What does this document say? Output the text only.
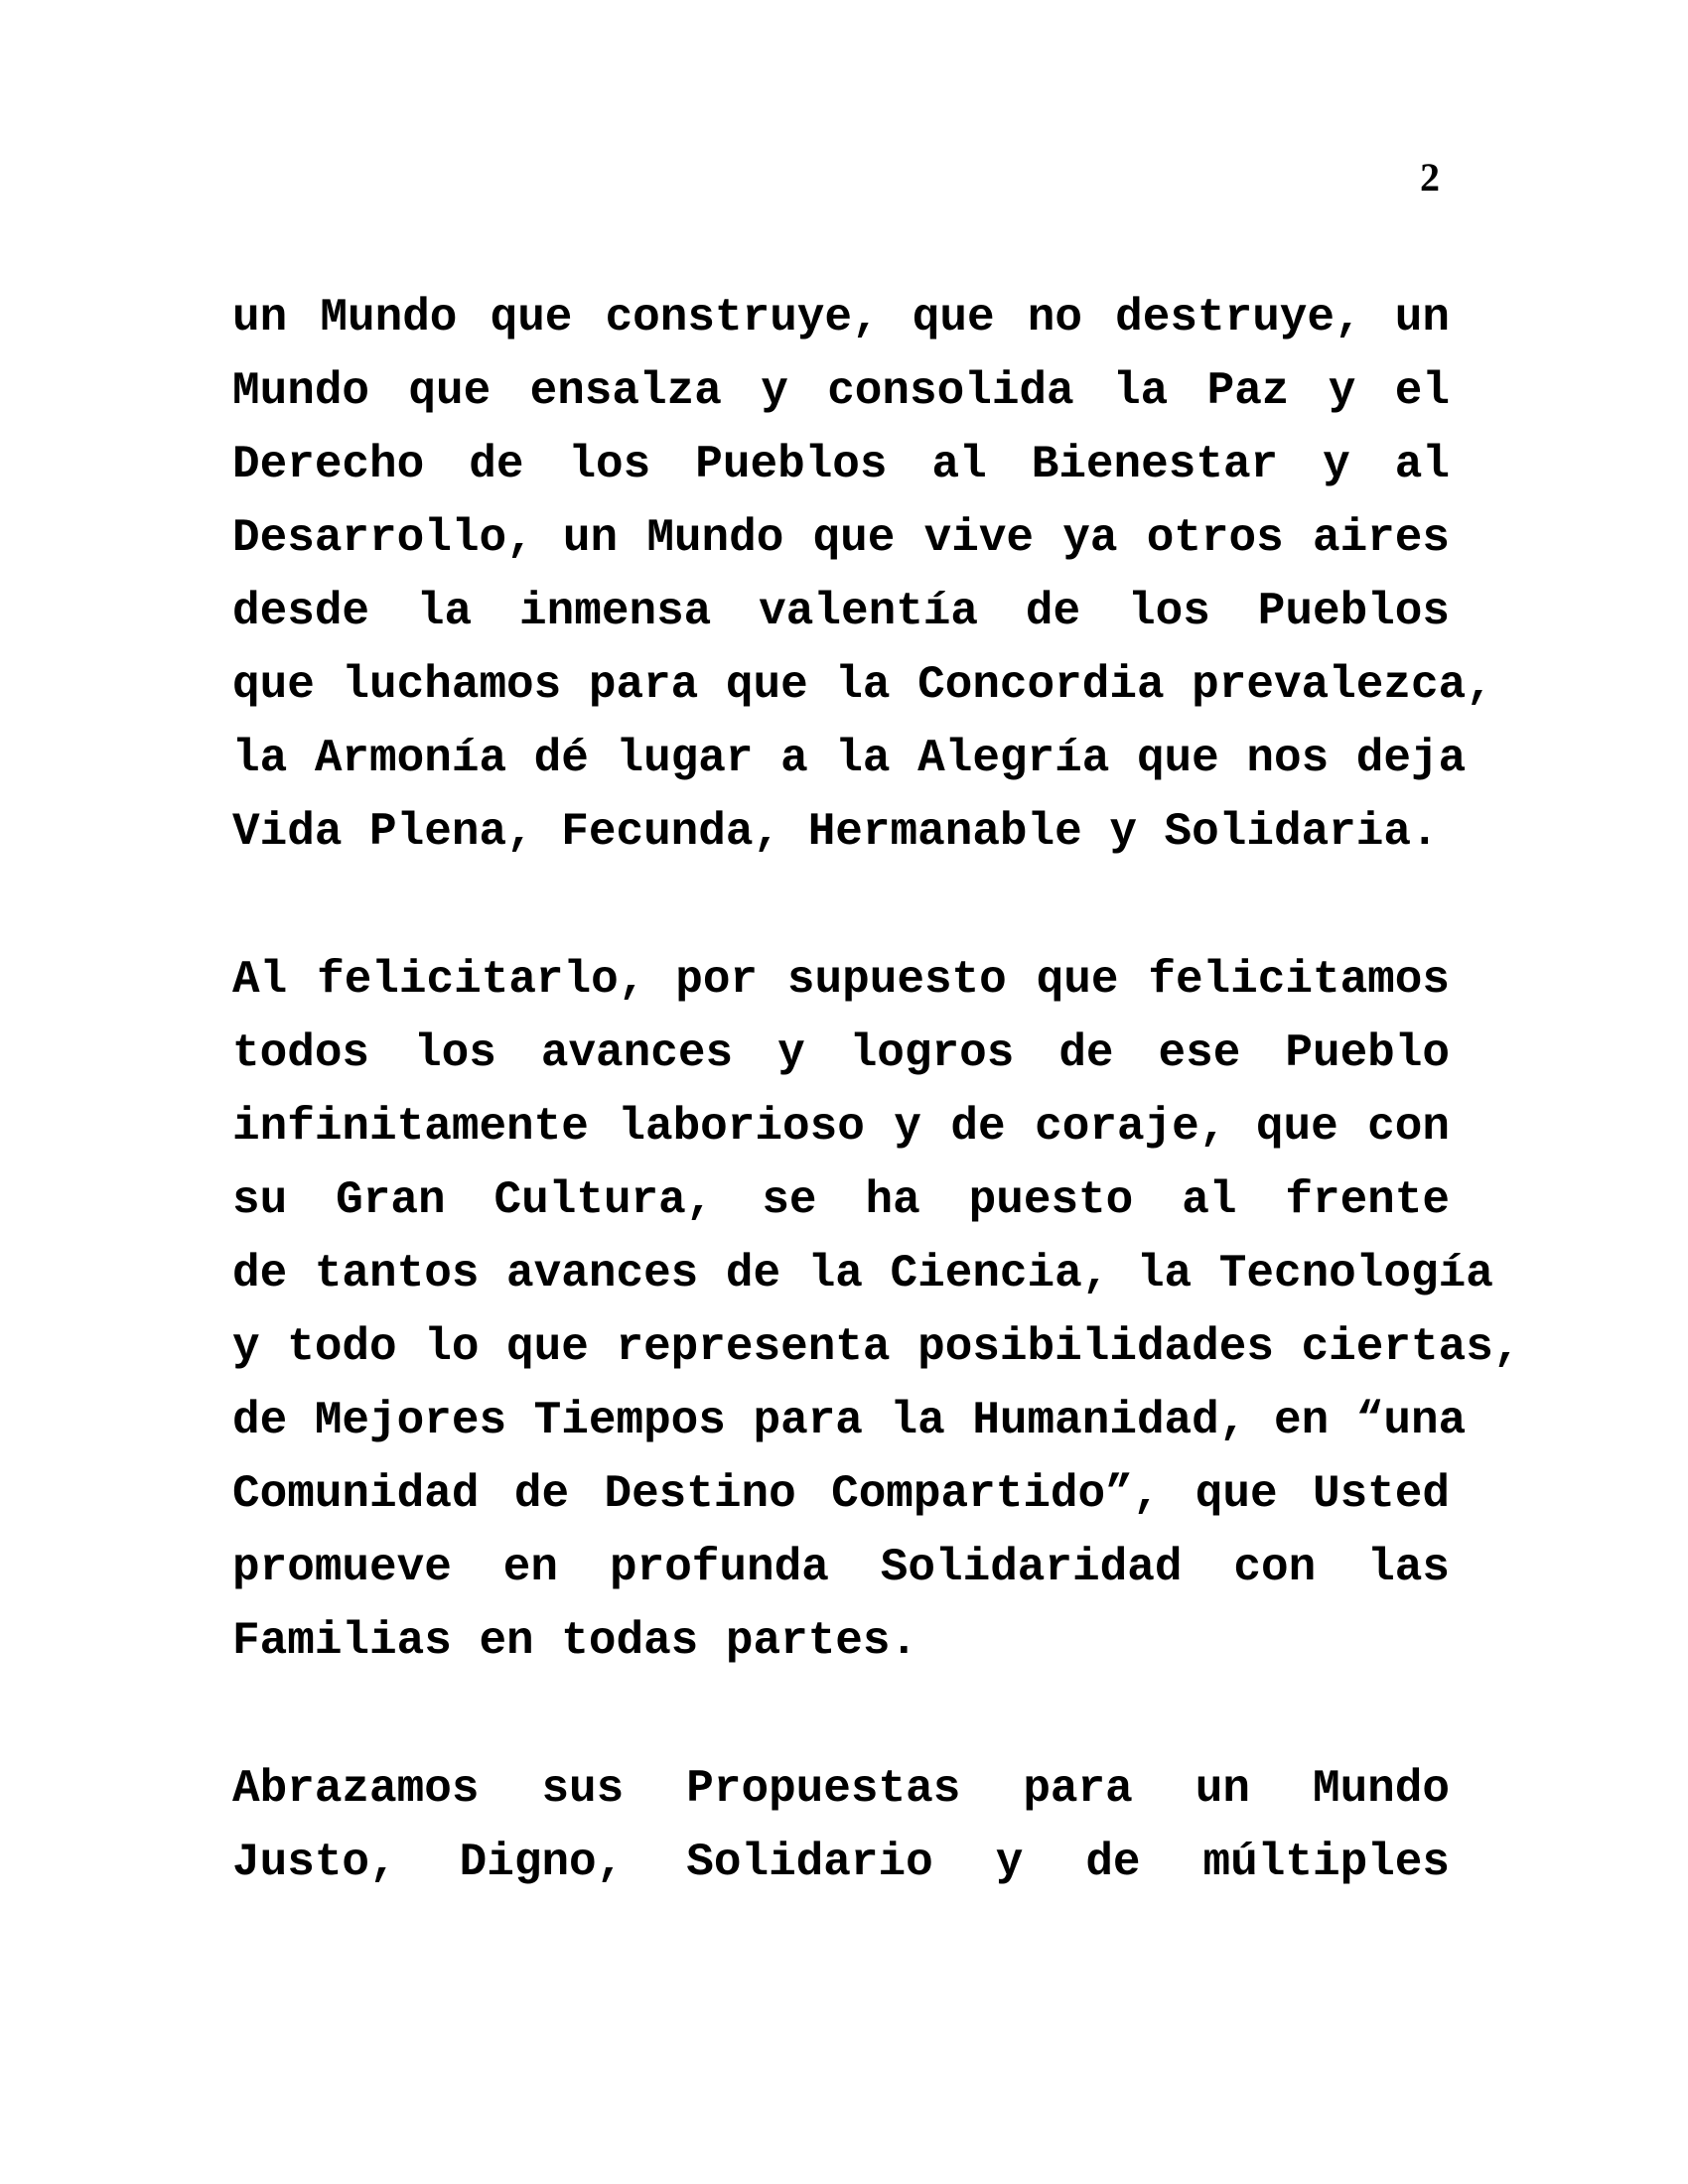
2
un Mundo que construye, que no destruye, un
Mundo que ensalza y consolida la Paz y el
Derecho de los Pueblos al Bienestar y al
Desarrollo, un Mundo que vive ya otros aires
desde la inmensa valentía de los Pueblos
que luchamos para que la Concordia prevalezca,
la Armonía dé lugar a la Alegría que nos deja
Vida Plena, Fecunda, Hermanable y Solidaria.
Al felicitarlo, por supuesto que felicitamos
todos los avances y logros de ese Pueblo
infinitamente laborioso y de coraje, que con
su Gran Cultura, se ha puesto al frente
de tantos avances de la Ciencia, la Tecnología
y todo lo que representa posibilidades ciertas,
de Mejores Tiempos para la Humanidad, en “una
Comunidad de Destino Compartido”, que Usted
promueve en profunda Solidaridad con las
Familias en todas partes.
Abrazamos sus Propuestas para un Mundo
Justo, Digno, Solidario y de múltiples
